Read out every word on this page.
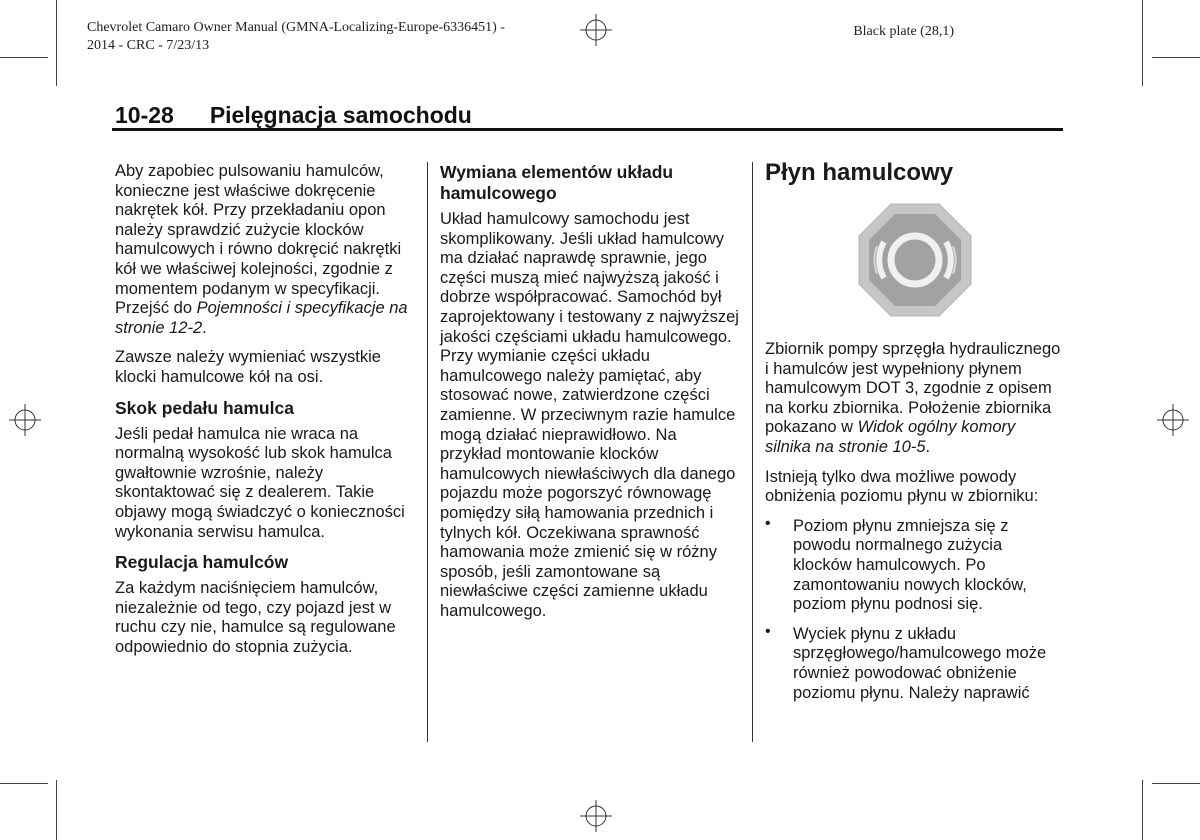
Chevrolet Camaro Owner Manual (GMNA-Localizing-Europe-6336451) -
2014 - CRC - 7/23/13
Black plate (28,1)
10-28 Pielęgnacja samochodu

Aby zapobiec pulsowaniu hamulców, konieczne jest właściwe dokręcenie nakrętek kół. Przy przekładaniu opon należy sprawdzić zużycie klocków hamulcowych i równo dokręcić nakrętki kół we właściwej kolejności, zgodnie z momentem podanym w specyfikacji. Przejść do Pojemności i specyfikacje na stronie 12-2.

Zawsze należy wymieniać wszystkie klocki hamulcowe kół na osi.

Skok pedału hamulca

Jeśli pedał hamulca nie wraca na normalną wysokość lub skok hamulca gwałtownie wzrośnie, należy skontaktować się z dealerem. Takie objawy mogą świadczyć o konieczności wykonania serwisu hamulca.

Regulacja hamulców

Za każdym naciśnięciem hamulców, niezależnie od tego, czy pojazd jest w ruchu czy nie, hamulce są regulowane odpowiednio do stopnia zużycia.

Wymiana elementów układu hamulcowego

Układ hamulcowy samochodu jest skomplikowany. Jeśli układ hamulcowy ma działać naprawdę sprawnie, jego części muszą mieć najwyższą jakość i dobrze współpracować. Samochód był zaprojektowany i testowany z najwyższej jakości częściami układu hamulcowego. Przy wymianie części układu hamulcowego należy pamiętać, aby stosować nowe, zatwierdzone części zamienne. W przeciwnym razie hamulce mogą działać nieprawidłowo. Na przykład montowanie klocków hamulcowych niewłaściwych dla danego pojazdu może pogorszyć równowagę pomiędzy siłą hamowania przednich i tylnych kół. Oczekiwana sprawność hamowania może zmienić się w różny sposób, jeśli zamontowane są niewłaściwe części zamienne układu hamulcowego.

Płyn hamulcowy

Zbiornik pompy sprzęgła hydraulicznego i hamulców jest wypełniony płynem hamulcowym DOT 3, zgodnie z opisem na korku zbiornika. Położenie zbiornika pokazano w Widok ogólny komory silnika na stronie 10-5.

Istnieją tylko dwa możliwe powody obniżenia poziomu płynu w zbiorniku:

• Poziom płynu zmniejsza się z powodu normalnego zużycia klocków hamulcowych. Po zamontowaniu nowych klocków, poziom płynu podnosi się.
• Wyciek płynu z układu sprzęgłowego/hamulcowego może również powodować obniżenie poziomu płynu. Należy naprawić
